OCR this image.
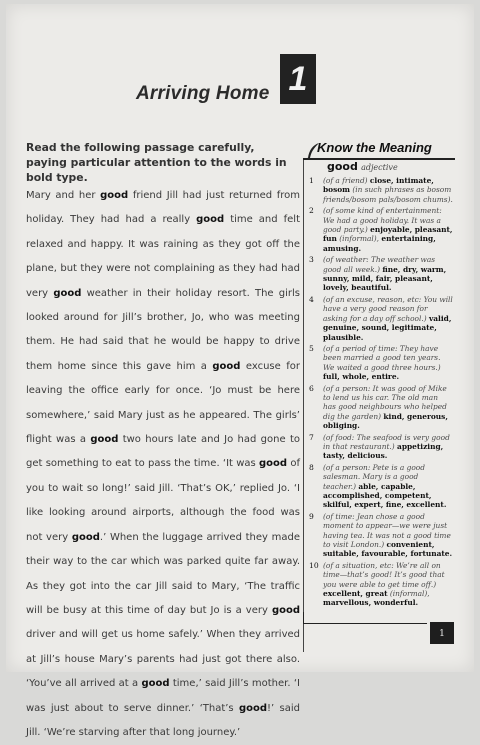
Arriving Home 1
Read the following passage carefully, paying particular attention to the words in bold type.
Mary and her good friend Jill had just returned from holiday. They had had a really good time and felt relaxed and happy. It was raining as they got off the plane, but they were not complaining as they had had very good weather in their holiday resort. The girls looked around for Jill’s brother, Jo, who was meeting them. He had said that he would be happy to drive them home since this gave him a good excuse for leaving the office early for once. ‘Jo must be here somewhere,’ said Mary just as he appeared. The girls’ flight was a good two hours late and Jo had gone to get something to eat to pass the time. ‘It was good of you to wait so long!’ said Jill. ‘That’s OK,’ replied Jo. ‘I like looking around airports, although the food was not very good.’ When the luggage arrived they made their way to the car which was parked quite far away. As they got into the car Jill said to Mary, ‘The traffic will be busy at this time of day but Jo is a very good driver and will get us home safely.’ When they arrived at Jill’s house Mary’s parents had just got there also. ‘You’ve all arrived at a good time,’ said Jill’s mother. ‘I was just about to serve dinner.’ ‘That’s good!’ said Jill. ‘We’re starving after that long journey.’
Know the Meaning
good adjective
1 (of a friend) close, intimate, bosom (in such phrases as bosom friends/bosom pals/bosom chums).
2 (of some kind of entertainment: We had a good holiday. It was a good party.) enjoyable, pleasant, fun (informal), entertaining, amusing.
3 (of weather: The weather was good all week.) fine, dry, warm, sunny, mild, fair, pleasant, lovely, beautiful.
4 (of an excuse, reason, etc: You will have a very good reason for asking for a day off school.) valid, genuine, sound, legitimate, plausible.
5 (of a period of time: They have been married a good ten years. We waited a good three hours.) full, whole, entire.
6 (of a person: It was good of Mike to lend us his car. The old man has good neighbours who helped dig the garden) kind, generous, obliging.
7 (of food: The seafood is very good in that restaurant.) appetizing, tasty, delicious.
8 (of a person: Pete is a good salesman. Mary is a good teacher.) able, capable, accomplished, competent, skilful, expert, fine, excellent.
9 (of time: Jean chose a good moment to appear—we were just having tea. It was not a good time to visit London.) convenient, suitable, favourable, fortunate.
10 (of a situation, etc: We’re all on time—that’s good! It’s good that you were able to get time off.) excellent, great (informal), marvellous, wonderful.
1
